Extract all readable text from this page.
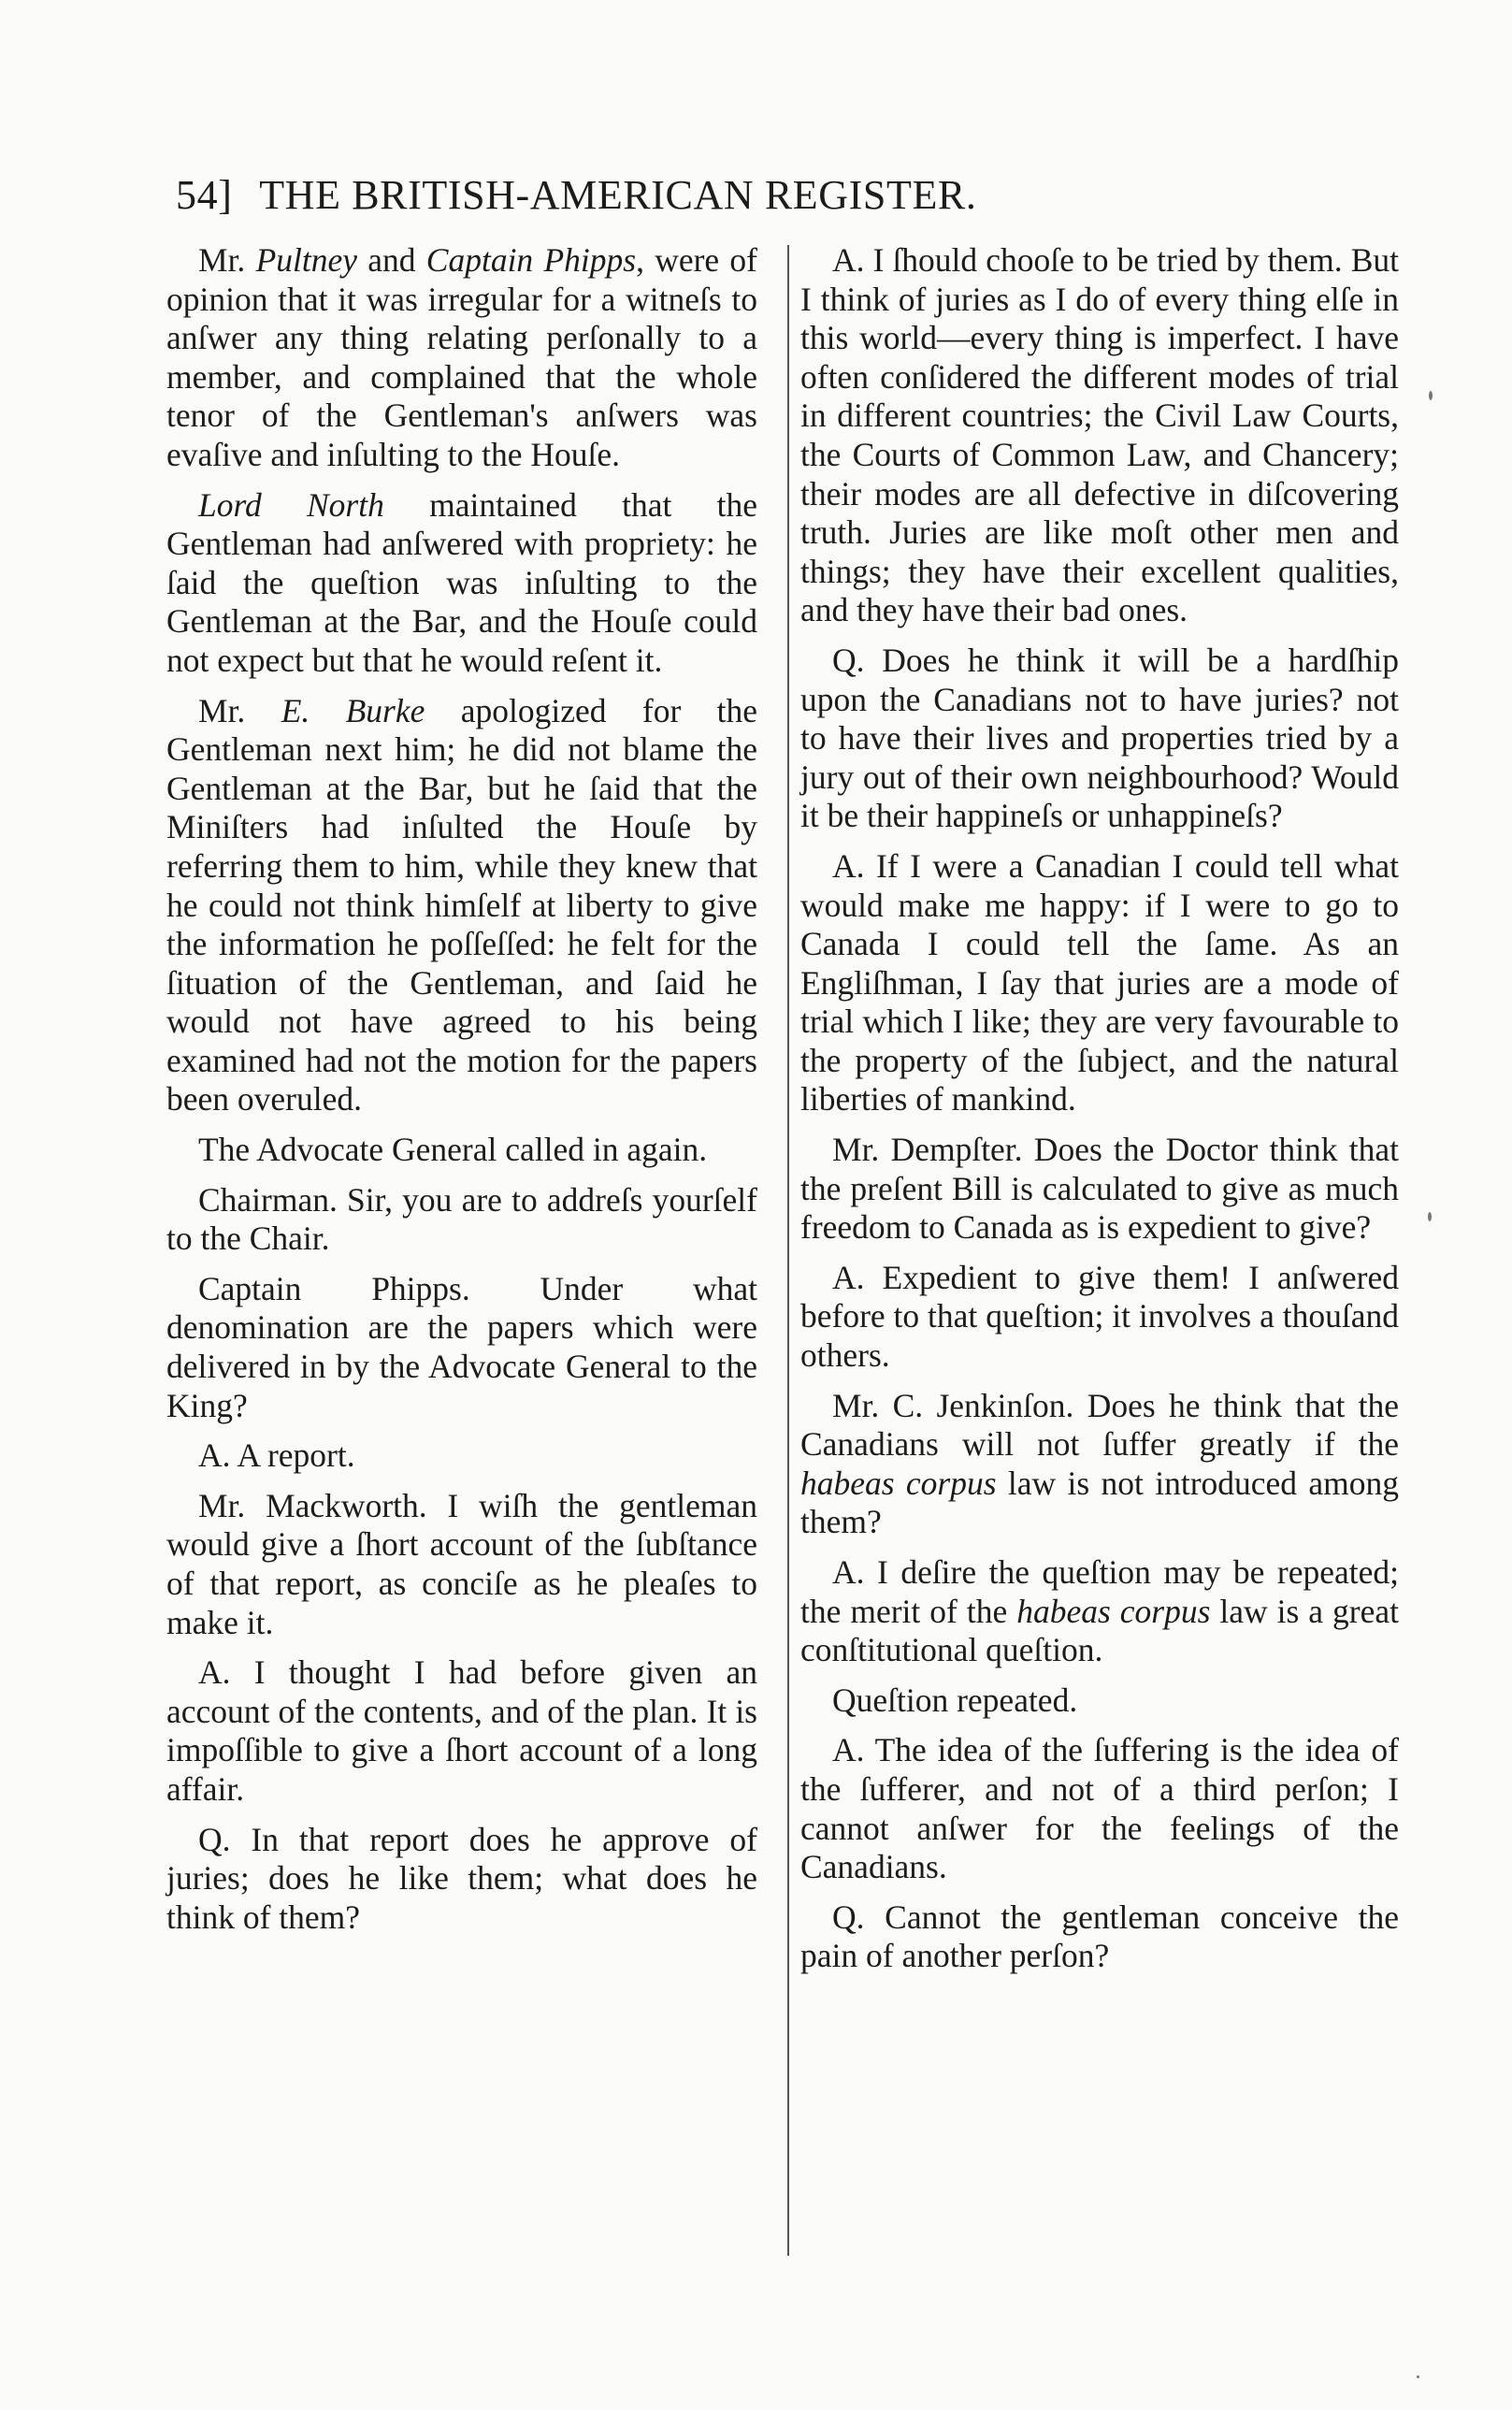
54] THE BRITISH-AMERICAN REGISTER.

Mr. Pultney and Captain Phipps, were of opinion that it was irregular for a witneſs to anſwer any thing relating perſonally to a member, and complained that the whole tenor of the Gentleman's anſwers was evaſive and inſulting to the Houſe.

Lord North maintained that the Gentleman had anſwered with propriety: he ſaid the queſtion was inſulting to the Gentleman at the Bar, and the Houſe could not expect but that he would reſent it.

Mr. E. Burke apologized for the Gentleman next him; he did not blame the Gentleman at the Bar, but he ſaid that the Miniſters had inſulted the Houſe by referring them to him, while they knew that he could not think himſelf at liberty to give the information he poſſeſſed: he felt for the ſituation of the Gentleman, and ſaid he would not have agreed to his being examined had not the motion for the papers been overuled.

The Advocate General called in again.

Chairman. Sir, you are to addreſs yourſelf to the Chair.

Captain Phipps. Under what denomination are the papers which were delivered in by the Advocate General to the King?

A. A report.

Mr. Mackworth. I wiſh the gentleman would give a ſhort account of the ſubſtance of that report, as conciſe as he pleaſes to make it.

A. I thought I had before given an account of the contents, and of the plan. It is impoſſible to give a ſhort account of a long affair.

Q. In that report does he approve of juries; does he like them; what does he think of them?

A. I ſhould chooſe to be tried by them. But I think of juries as I do of every thing elſe in this world—every thing is imperfect. I have often conſidered the different modes of trial in different countries; the Civil Law Courts, the Courts of Common Law, and Chancery; their modes are all defective in diſcovering truth. Juries are like moſt other men and things; they have their excellent qualities, and they have their bad ones.

Q. Does he think it will be a hardſhip upon the Canadians not to have juries? not to have their lives and properties tried by a jury out of their own neighbourhood? Would it be their happineſs or unhappineſs?

A. If I were a Canadian I could tell what would make me happy: if I were to go to Canada I could tell the ſame. As an Engliſhman, I ſay that juries are a mode of trial which I like; they are very favourable to the property of the ſubject, and the natural liberties of mankind.

Mr. Dempſter. Does the Doctor think that the preſent Bill is calculated to give as much freedom to Canada as is expedient to give?

A. Expedient to give them! I anſwered before to that queſtion; it involves a thouſand others.

Mr. C. Jenkinſon. Does he think that the Canadians will not ſuffer greatly if the habeas corpus law is not introduced among them?

A. I deſire the queſtion may be repeated; the merit of the habeas corpus law is a great conſtitutional queſtion.

Queſtion repeated.

A. The idea of the ſuffering is the idea of the ſufferer, and not of a third perſon; I cannot anſwer for the feelings of the Canadians.

Q. Cannot the gentleman conceive the pain of another perſon?
